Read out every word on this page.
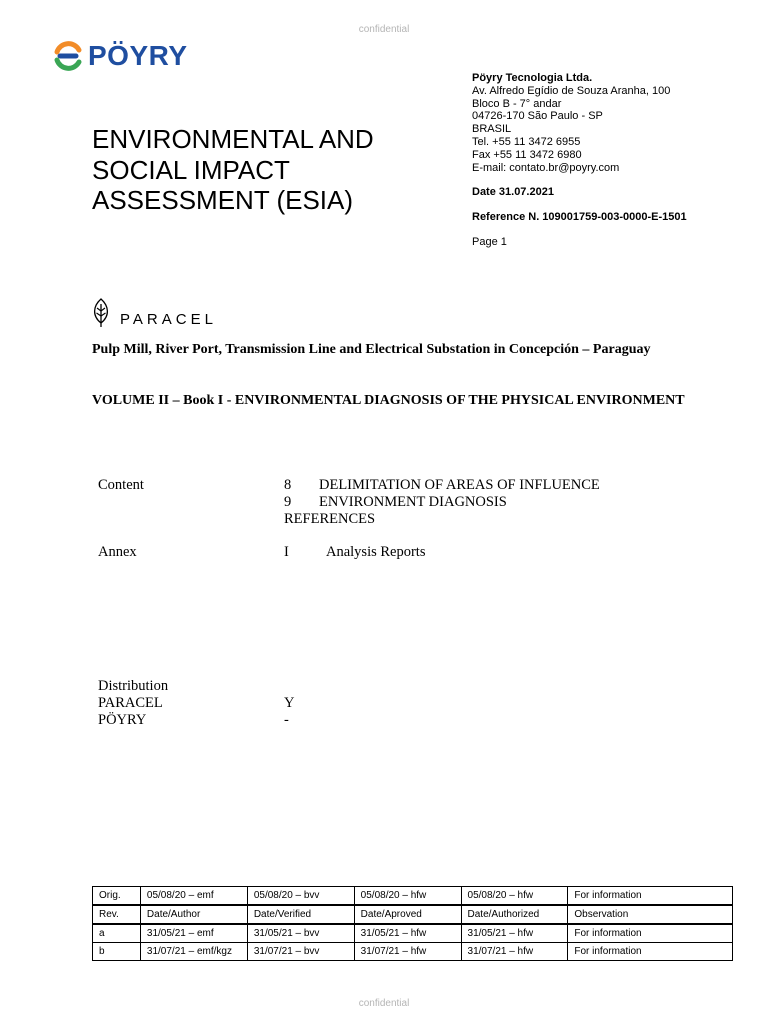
confidential
PÖYRY
Pöyry Tecnologia Ltda.
Av. Alfredo Egídio de Souza Aranha, 100
Bloco B - 7° andar
04726-170 São Paulo - SP
BRASIL
Tel. +55 11 3472 6955
Fax +55 11 3472 6980
E-mail: contato.br@poyry.com
Date 31.07.2021
Reference N. 109001759-003-0000-E-1501
Page 1
ENVIRONMENTAL AND
SOCIAL IMPACT
ASSESSMENT (ESIA)
PARACEL
Pulp Mill, River Port, Transmission Line and Electrical Substation in Concepción – Paraguay
VOLUME II – Book I - ENVIRONMENTAL DIAGNOSIS OF THE PHYSICAL ENVIRONMENT
Content	8 DELIMITATION OF AREAS OF INFLUENCE
9 ENVIRONMENT DIAGNOSIS
REFERENCES
Annex	I	Analysis Reports
Distribution
PARACEL	Y
PÖYRY	-
Orig.	05/08/20 – emf	05/08/20 – bvv	05/08/20 – hfw	05/08/20 – hfw	For information
Rev.	Date/Author	Date/Verified	Date/Aproved	Date/Authorized	Observation
a	31/05/21 – emf	31/05/21 – bvv	31/05/21 – hfw	31/05/21 – hfw	For information
b	31/07/21 – emf/kgz	31/07/21 – bvv	31/07/21 – hfw	31/07/21 – hfw	For information
confidential
